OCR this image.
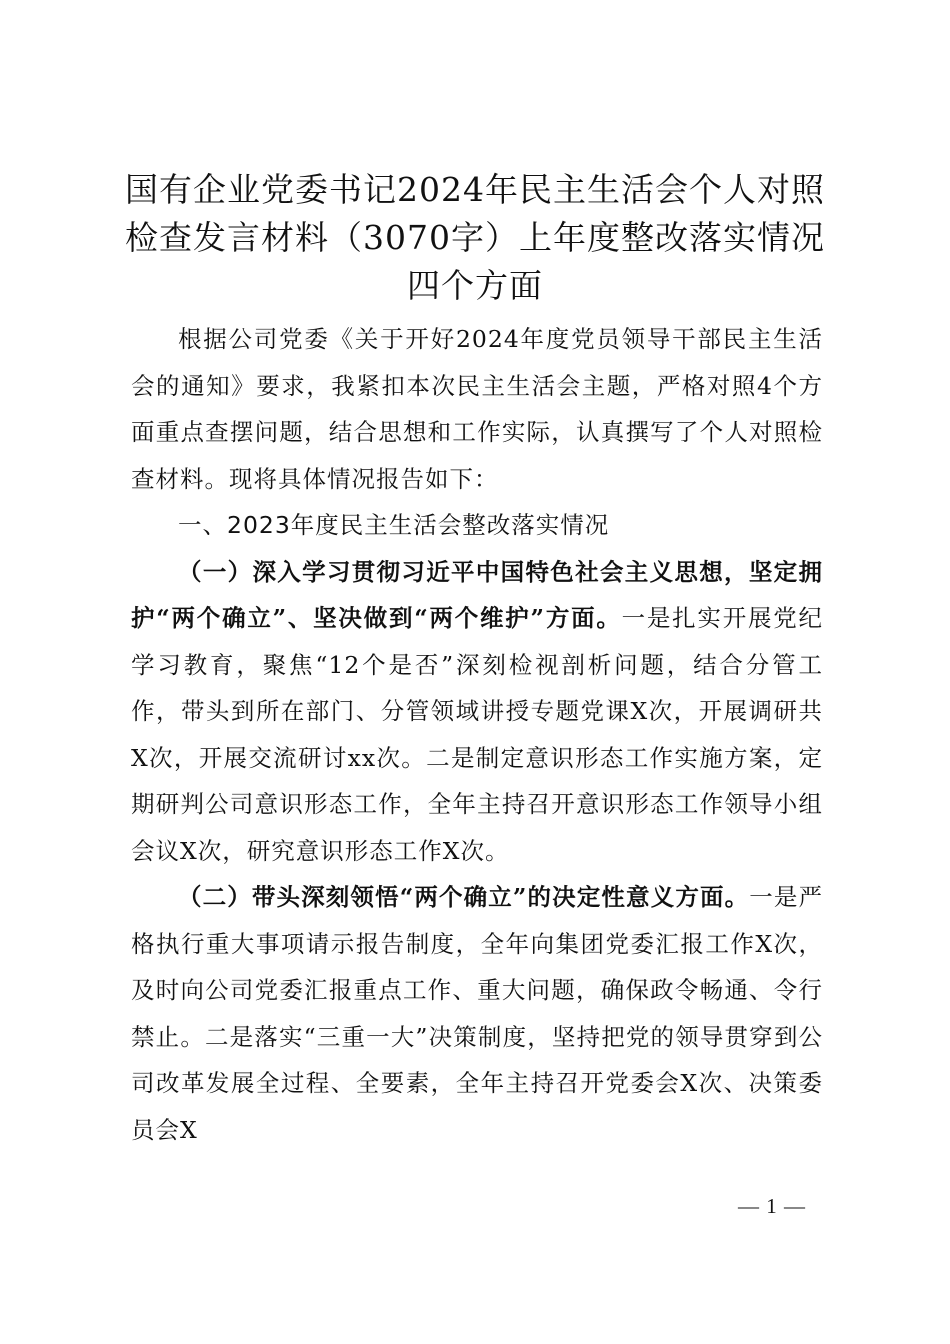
国有企业党委书记2024年民主生活会个人对照检查发言材料（3070字）上年度整改落实情况四个方面

根据公司党委《关于开好2024年度党员领导干部民主生活会的通知》要求，我紧扣本次民主生活会主题，严格对照4个方面重点查摆问题，结合思想和工作实际，认真撰写了个人对照检查材料。现将具体情况报告如下：

一、2023年度民主生活会整改落实情况

（一）深入学习贯彻习近平中国特色社会主义思想，坚定拥护“两个确立”、坚决做到“两个维护”方面。一是扎实开展党纪学习教育，聚焦“12个是否”深刻检视剖析问题，结合分管工作，带头到所在部门、分管领域讲授专题党课X次，开展调研共X次，开展交流研讨xx次。二是制定意识形态工作实施方案，定期研判公司意识形态工作，全年主持召开意识形态工作领导小组会议X次，研究意识形态工作X次。

（二）带头深刻领悟“两个确立”的决定性意义方面。一是严格执行重大事项请示报告制度，全年向集团党委汇报工作X次，及时向公司党委汇报重点工作、重大问题，确保政令畅通、令行禁止。二是落实“三重一大”决策制度，坚持把党的领导贯穿到公司改革发展全过程、全要素，全年主持召开党委会X次、决策委员会X

— 1 —
